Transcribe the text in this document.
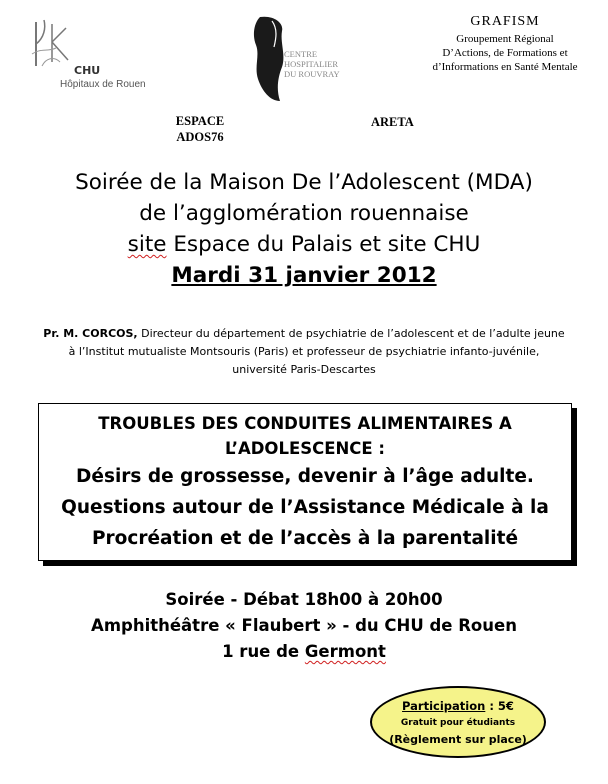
CHU
Hôpitaux de Rouen
CENTRE
HOSPITALIER
DU ROUVRAY
GRAFISM
Groupement Régional
D’Actions, de Formations et
d’Informations en Santé Mentale
ESPACE
ADOS76
ARETA
Soirée de la Maison De l’Adolescent (MDA)
de l’agglomération rouennaise
site Espace du Palais et site CHU
Mardi 31 janvier 2012
Pr. M. CORCOS, Directeur du département de psychiatrie de l’adolescent et de l’adulte jeune à l’Institut mutualiste Montsouris (Paris) et professeur de psychiatrie infanto-juvénile, université Paris-Descartes
TROUBLES DES CONDUITES ALIMENTAIRES A
L’ADOLESCENCE :
Désirs de grossesse, devenir à l’âge adulte.
Questions autour de l’Assistance Médicale à la
Procréation et de l’accès à la parentalité
Soirée - Débat 18h00 à 20h00
Amphithéâtre « Flaubert » - du CHU de Rouen
1 rue de Germont
Participation : 5€
Gratuit pour étudiants
(Règlement sur place)
